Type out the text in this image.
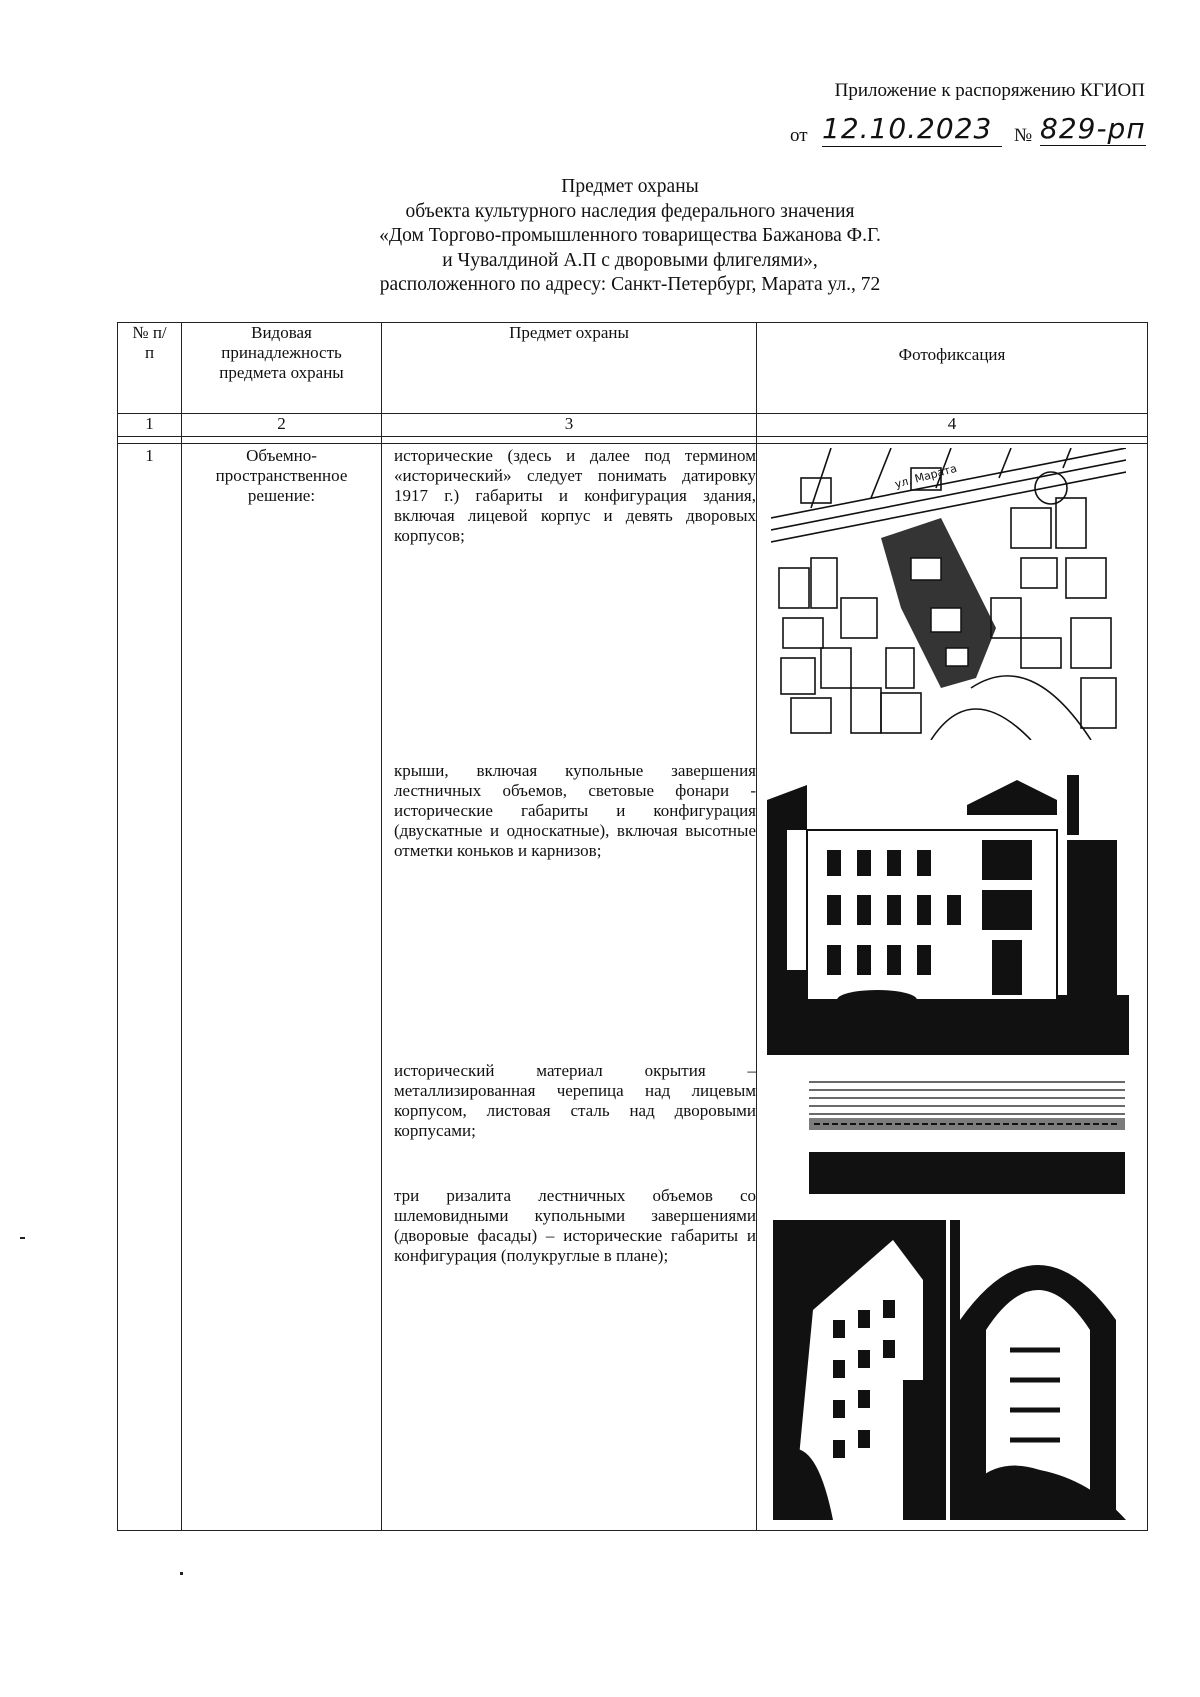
Приложение к распоряжению КГИОП
от 12.10.2023	№ 829-рп
Предмет охраны
объекта культурного наследия федерального значения
«Дом Торгово-промышленного товарищества Бажанова Ф.Г.
и Чувалдиной А.П с дворовыми флигелями»,
расположенного по адресу: Санкт-Петербург, Марата ул., 72
№ п/п	Видовая принадлежность предмета охраны	Предмет охраны	Фотофиксация
1	2	3	4

1	Объемно-пространственное решение:	исторические (здесь и далее под термином «исторический» следует понимать датировку 1917 г.) габариты и конфигурация здания, включая лицевой корпус и девять дворовых корпусов;
крыши, включая купольные завершения лестничных объемов, световые фонари - исторические габариты и конфигурация (двускатные и односкатные), включая высотные отметки коньков и карнизов;
исторический материал окрытия – металлизированная черепица над лицевым корпусом, листовая сталь над дворовыми корпусами;
три ризалита лестничных объемов со шлемовидными купольными завершениями (дворовые фасады) – исторические габариты и конфигурация (полукруглые в плане);	ул. Марата
